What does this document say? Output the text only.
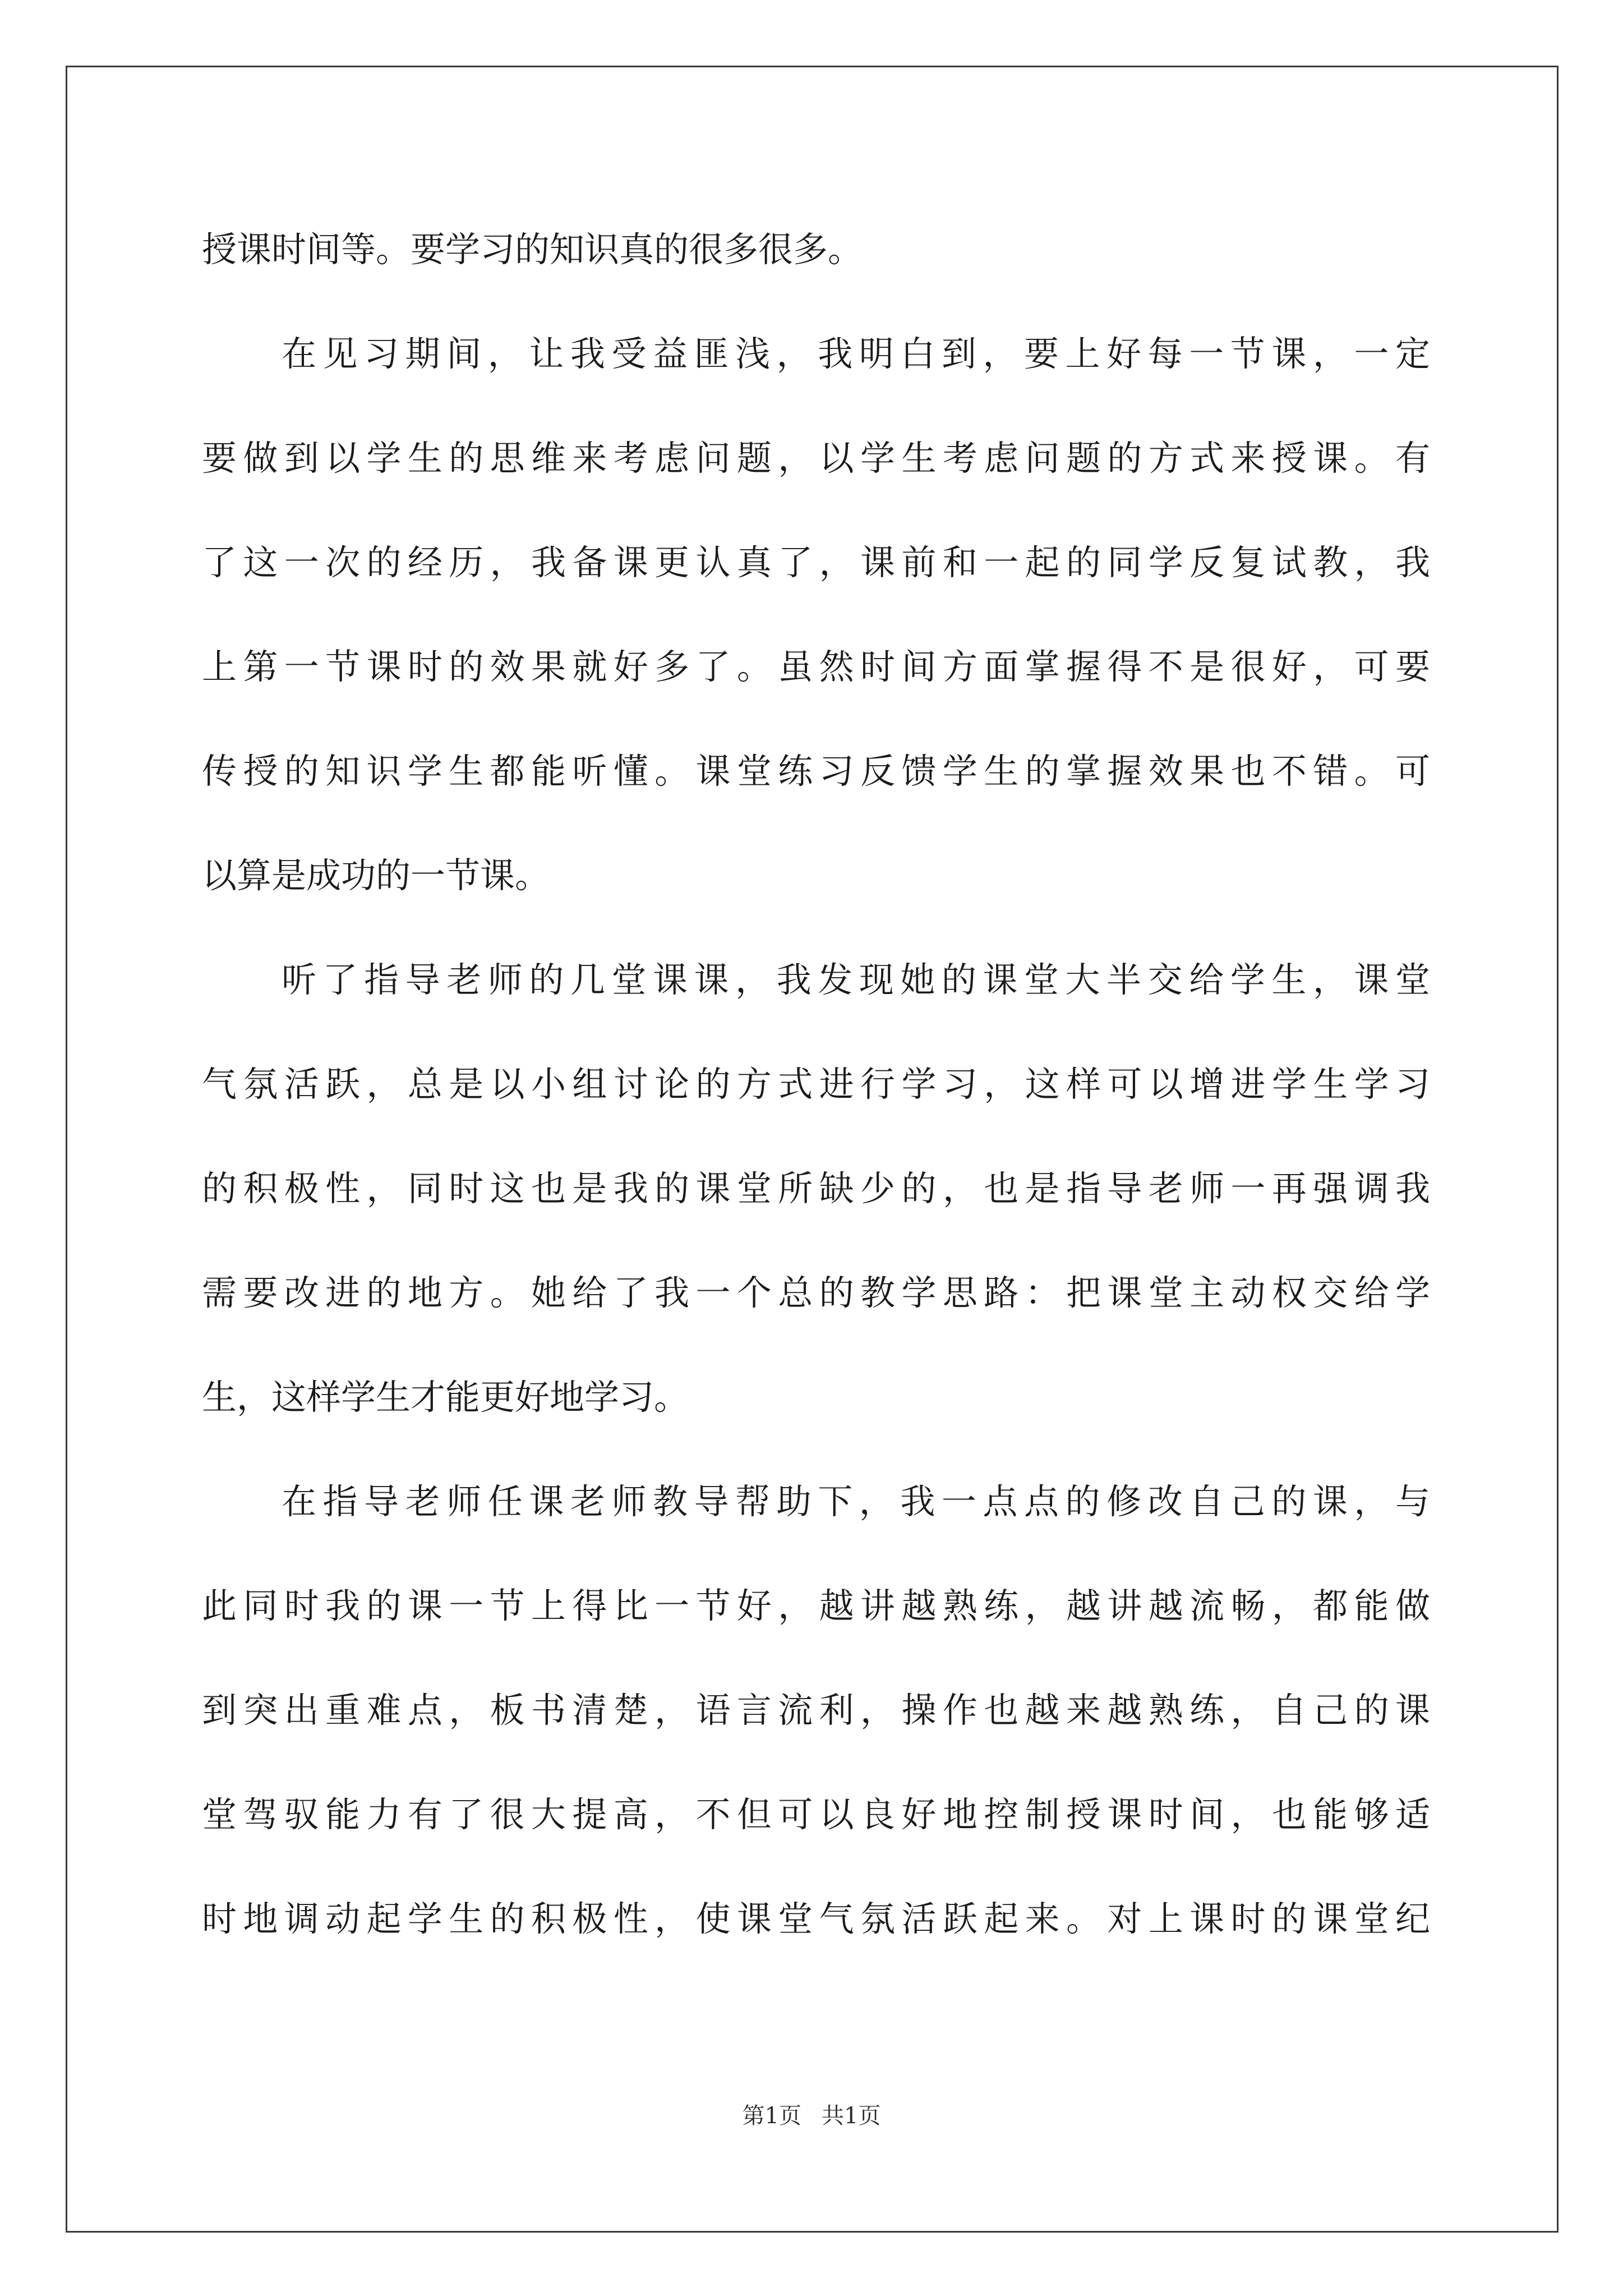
授课时间等。要学习的知识真的很多很多。
在见习期间，让我受益匪浅，我明白到，要上好每一节课，一定
要做到以学生的思维来考虑问题，以学生考虑问题的方式来授课。有
了这一次的经历，我备课更认真了，课前和一起的同学反复试教，我
上第一节课时的效果就好多了。虽然时间方面掌握得不是很好，可要
传授的知识学生都能听懂。课堂练习反馈学生的掌握效果也不错。可
以算是成功的一节课。
听了指导老师的几堂课课，我发现她的课堂大半交给学生，课堂
气氛活跃，总是以小组讨论的方式进行学习，这样可以增进学生学习
的积极性，同时这也是我的课堂所缺少的，也是指导老师一再强调我
需要改进的地方。她给了我一个总的教学思路：把课堂主动权交给学
生，这样学生才能更好地学习。
在指导老师任课老师教导帮助下，我一点点的修改自己的课，与
此同时我的课一节上得比一节好，越讲越熟练，越讲越流畅，都能做
到突出重难点，板书清楚，语言流利，操作也越来越熟练，自己的课
堂驾驭能力有了很大提高，不但可以良好地控制授课时间，也能够适
时地调动起学生的积极性，使课堂气氛活跃起来。对上课时的课堂纪
第1页 共1页
